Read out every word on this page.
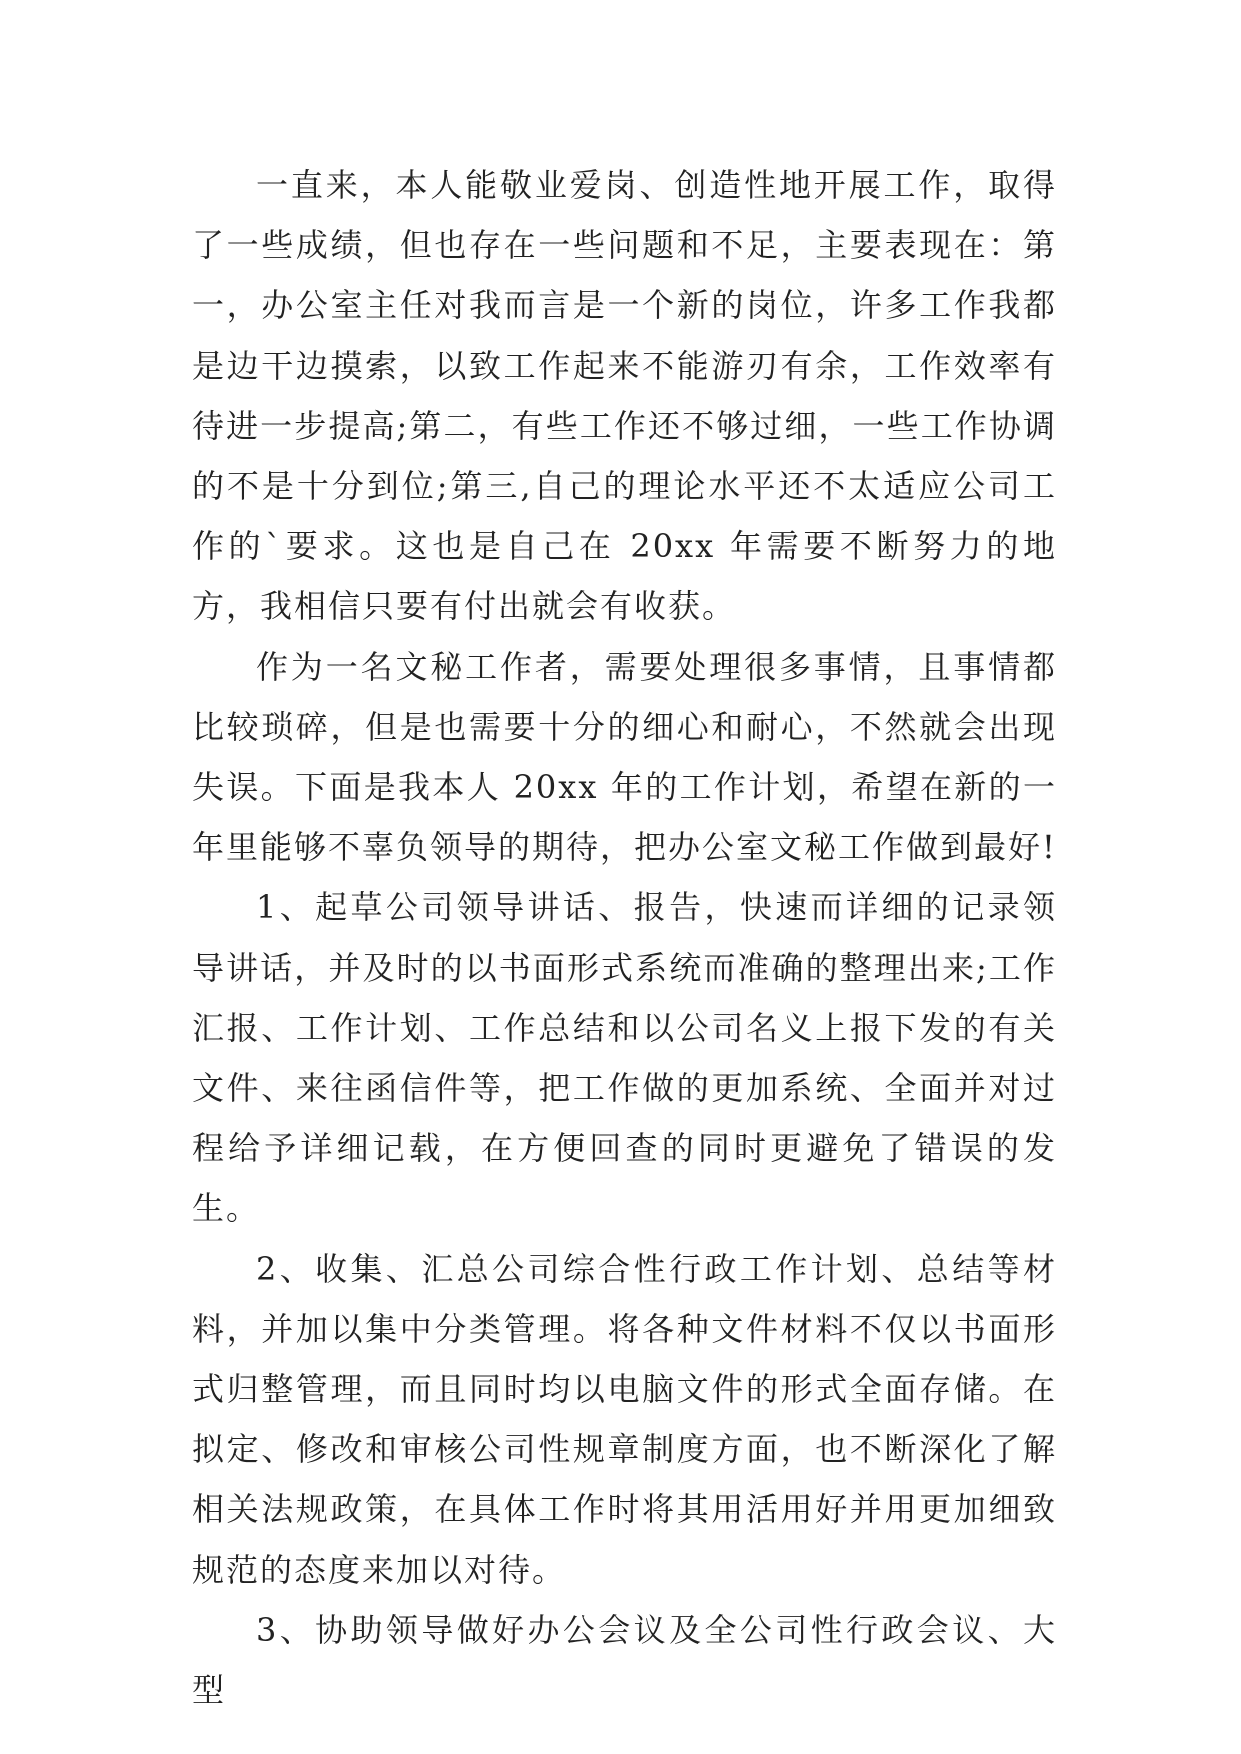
一直来，本人能敬业爱岗、创造性地开展工作，取得了一些成绩，但也存在一些问题和不足，主要表现在：第一，办公室主任对我而言是一个新的岗位，许多工作我都是边干边摸索，以致工作起来不能游刃有余，工作效率有待进一步提高;第二，有些工作还不够过细，一些工作协调的不是十分到位;第三,自己的理论水平还不太适应公司工作的`要求。这也是自己在 20xx 年需要不断努力的地方，我相信只要有付出就会有收获。

作为一名文秘工作者，需要处理很多事情，且事情都比较琐碎，但是也需要十分的细心和耐心，不然就会出现失误。下面是我本人 20xx 年的工作计划，希望在新的一年里能够不辜负领导的期待，把办公室文秘工作做到最好!

1、起草公司领导讲话、报告，快速而详细的记录领导讲话，并及时的以书面形式系统而准确的整理出来;工作汇报、工作计划、工作总结和以公司名义上报下发的有关文件、来往函信件等，把工作做的更加系统、全面并对过程给予详细记载，在方便回查的同时更避免了错误的发生。

2、收集、汇总公司综合性行政工作计划、总结等材料，并加以集中分类管理。将各种文件材料不仅以书面形式归整管理，而且同时均以电脑文件的形式全面存储。在拟定、修改和审核公司性规章制度方面，也不断深化了解相关法规政策，在具体工作时将其用活用好并用更加细致规范的态度来加以对待。

3、协助领导做好办公会议及全公司性行政会议、大型
